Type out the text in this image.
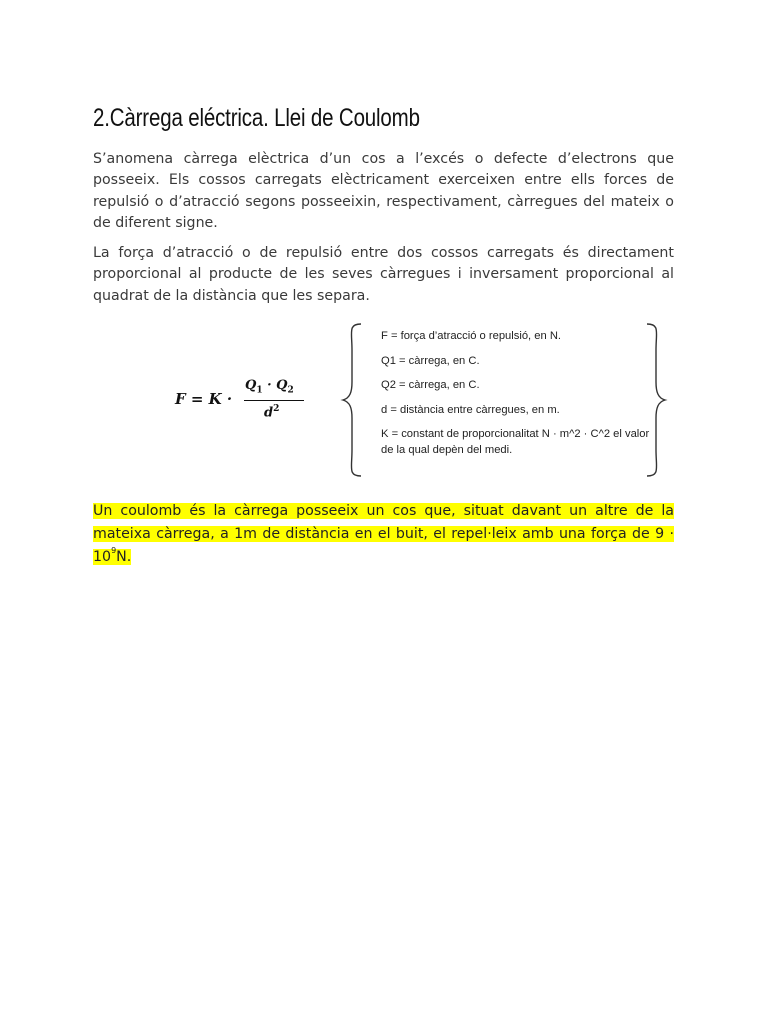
2.Càrrega eléctrica. Llei de Coulomb

S’anomena càrrega elèctrica d’un cos a l’excés o defecte d’electrons que posseeix. Els cossos carregats elèctricament exerceixen entre ells forces de repulsió o d’atracció segons posseeixin, respectivament, càrregues del mateix o de diferent signe.

La força d’atracció o de repulsió entre dos cossos carregats és directament proporcional al producte de les seves càrregues i inversament proporcional al quadrat de la distància que les separa.

F = K ·
$Q_1 \cdot Q_2$
$d^2$
F = força d’atracció o repulsió, en N.
Q1 = càrrega, en C.
Q2 = càrrega, en C.
d = distància entre càrregues, en m.
K = constant de proporcionalitat N · m^2 · C^2 el valor de la qual depèn del medi.

Un coulomb és la càrrega posseeix un cos que, situat davant un altre de la mateixa càrrega, a 1m de distància en el buit, el repel·leix amb una força de $9 \cdot 10^9N$.
